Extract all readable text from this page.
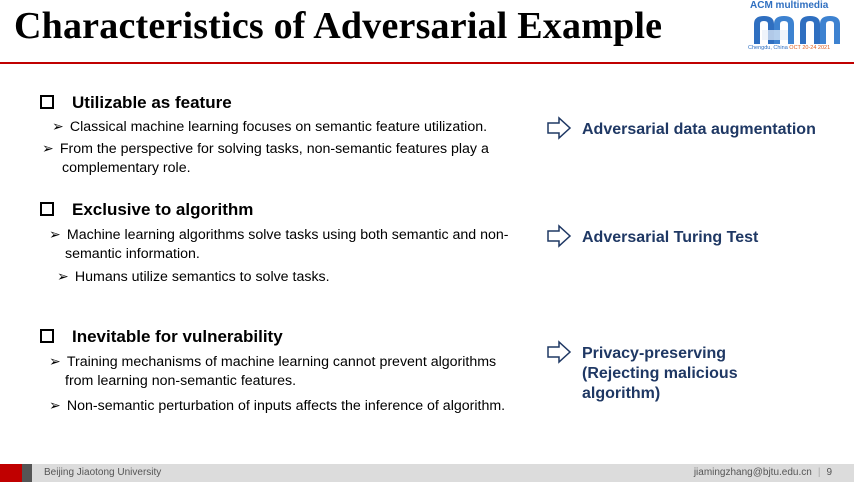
Characteristics of Adversarial Example	ACM multimedia
Chengdu, China OCT 20-24 2021
Utilizable as feature
➢ Classical machine learning focuses on semantic feature utilization.
➢ From the perspective for solving tasks, non-semantic features play a complementary role.
Adversarial data augmentation
Exclusive to algorithm
➢ Machine learning algorithms solve tasks using both semantic and non-semantic information.
➢ Humans utilize semantics to solve tasks.
Adversarial Turing Test
Inevitable for vulnerability
➢ Training mechanisms of machine learning cannot prevent algorithms from learning non-semantic features.
➢ Non-semantic perturbation of inputs affects the inference of algorithm.
Privacy-preserving (Rejecting malicious algorithm)
Beijing Jiaotong University	jiamingzhang@bjtu.edu.cn | 9
